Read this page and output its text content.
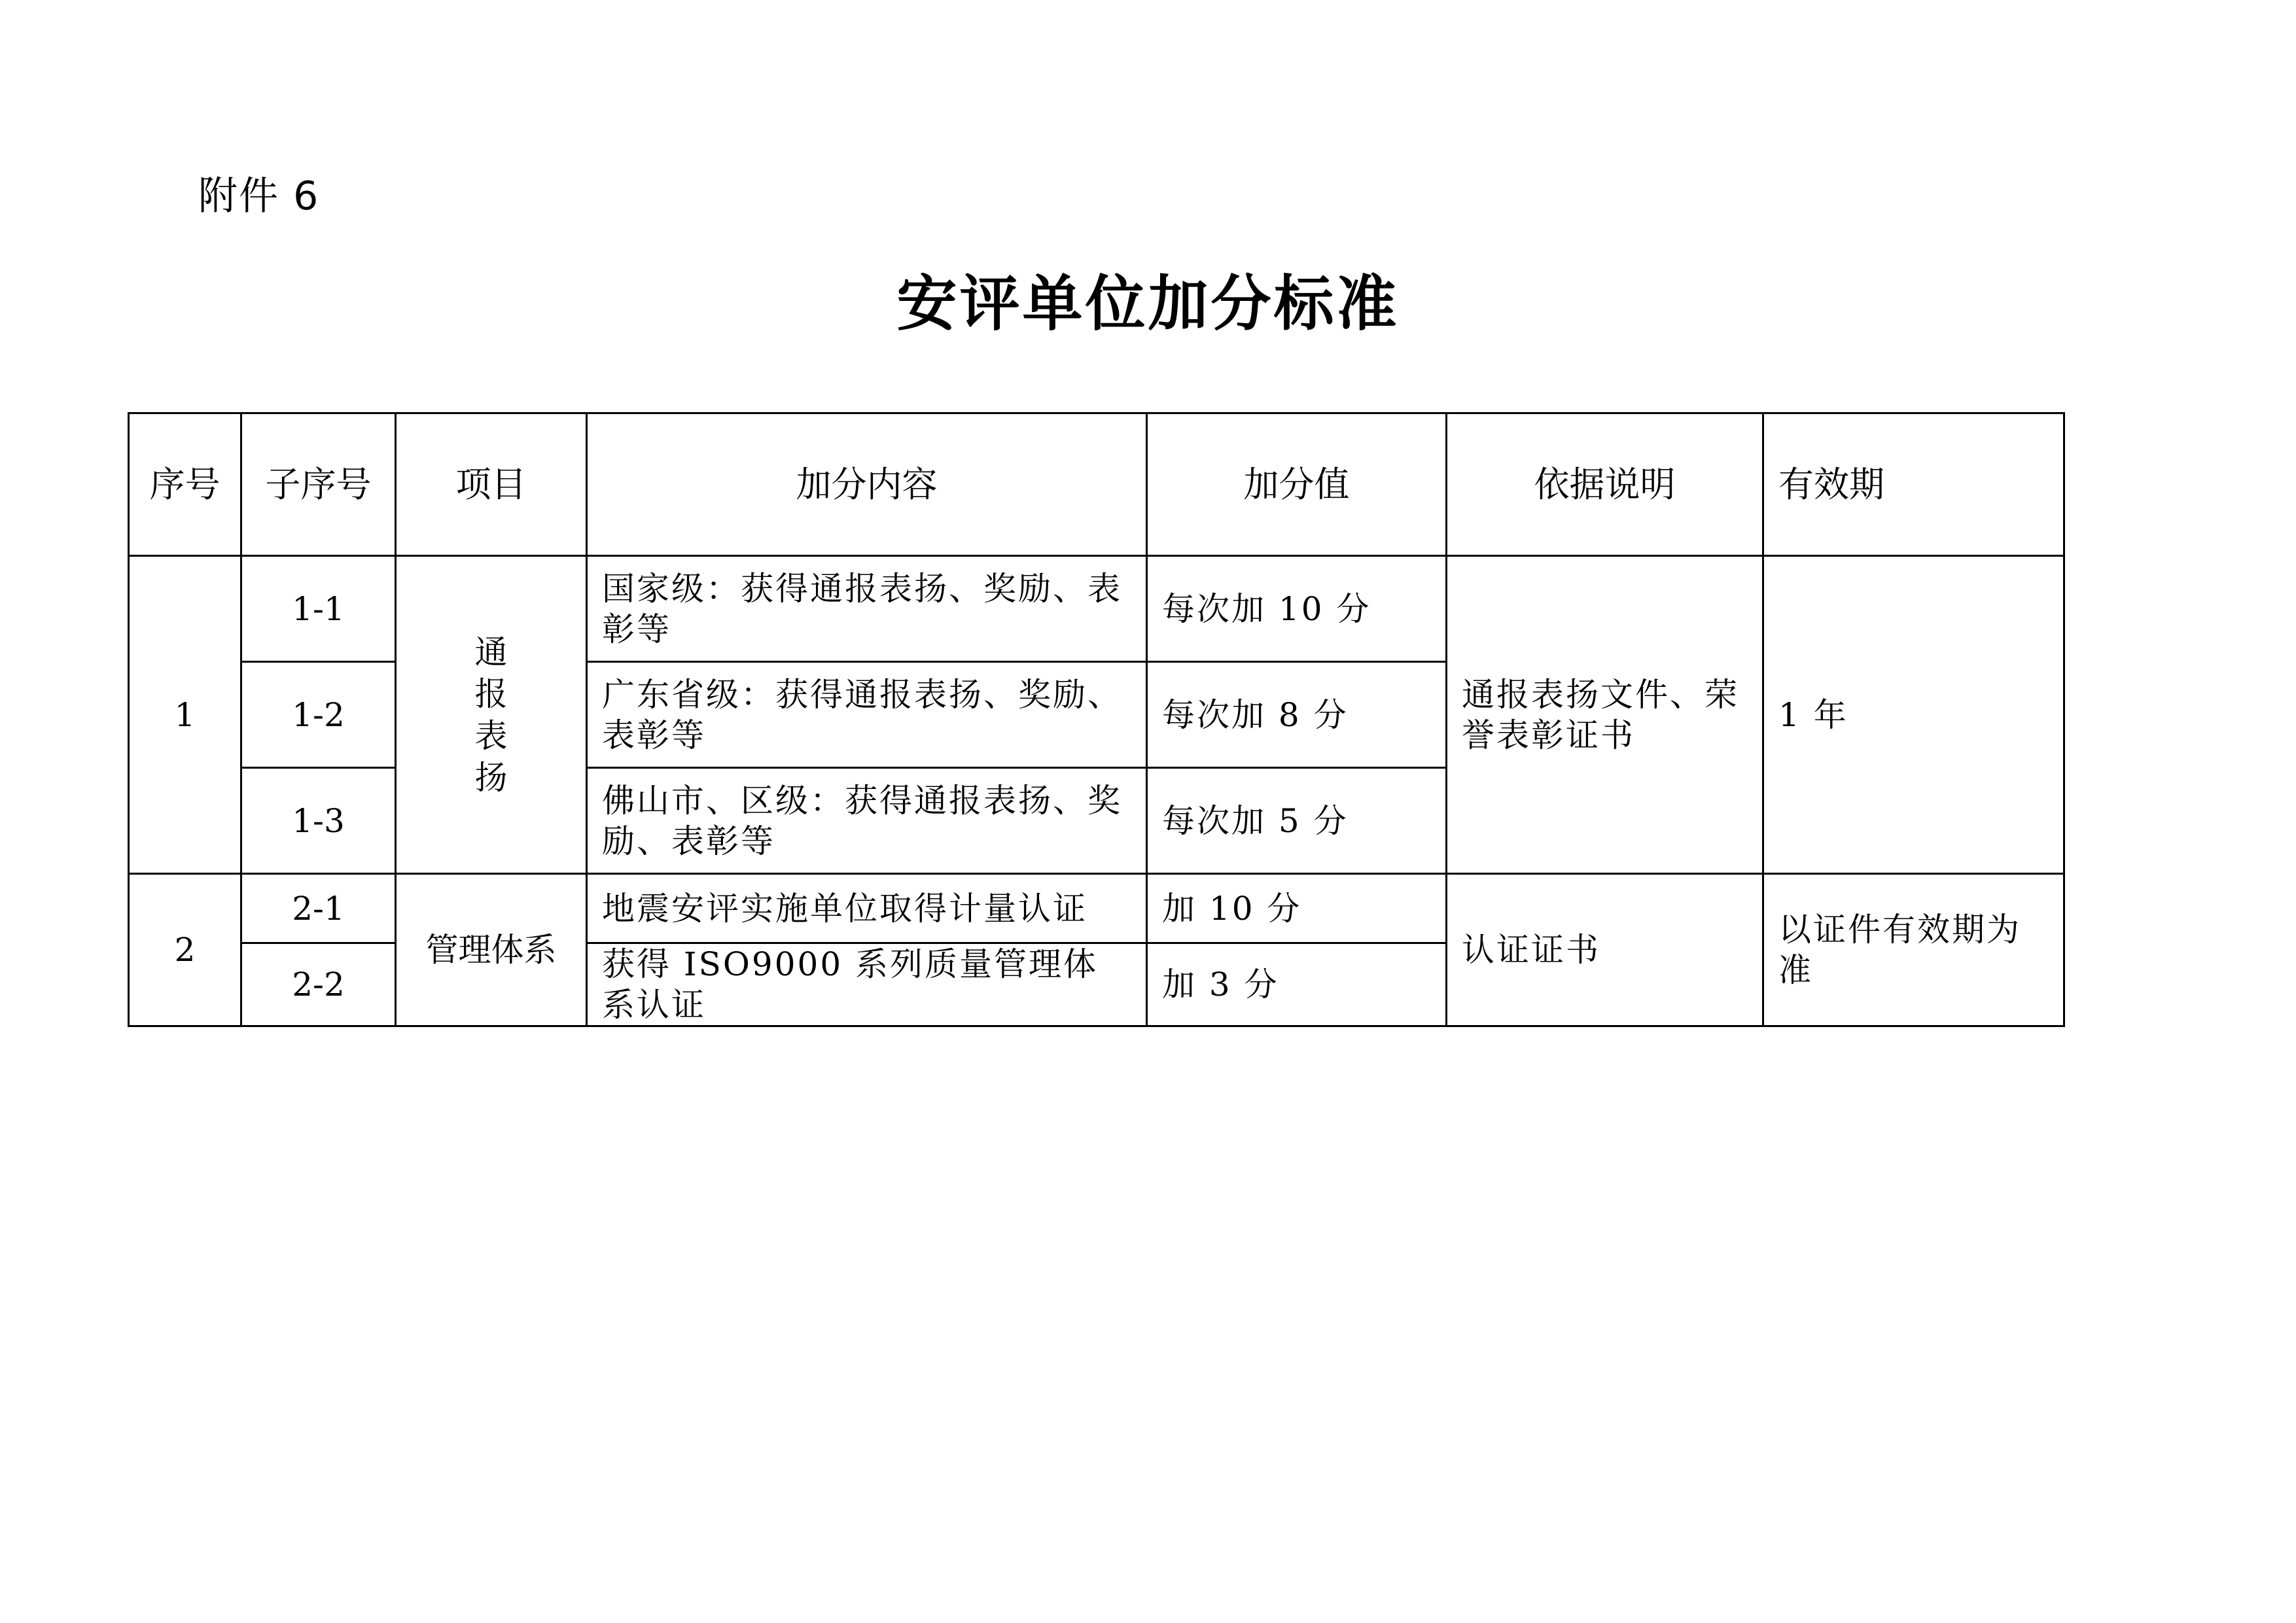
附件 6
安评单位加分标准
序号	子序号	项目	加分内容	加分值	依据说明	有效期
1	1-1	通报表扬	国家级：获得通报表扬、奖励、表彰等	每次加 10 分	通报表扬文件、荣誉表彰证书	1 年
	1-2		广东省级：获得通报表扬、奖励、表彰等	每次加 8 分		
	1-3		佛山市、区级：获得通报表扬、奖励、表彰等	每次加 5 分		
2	2-1	管理体系	地震安评实施单位取得计量认证	加 10 分	认证证书	以证件有效期为准
	2-2		获得 ISO9000 系列质量管理体系认证	加 3 分		
